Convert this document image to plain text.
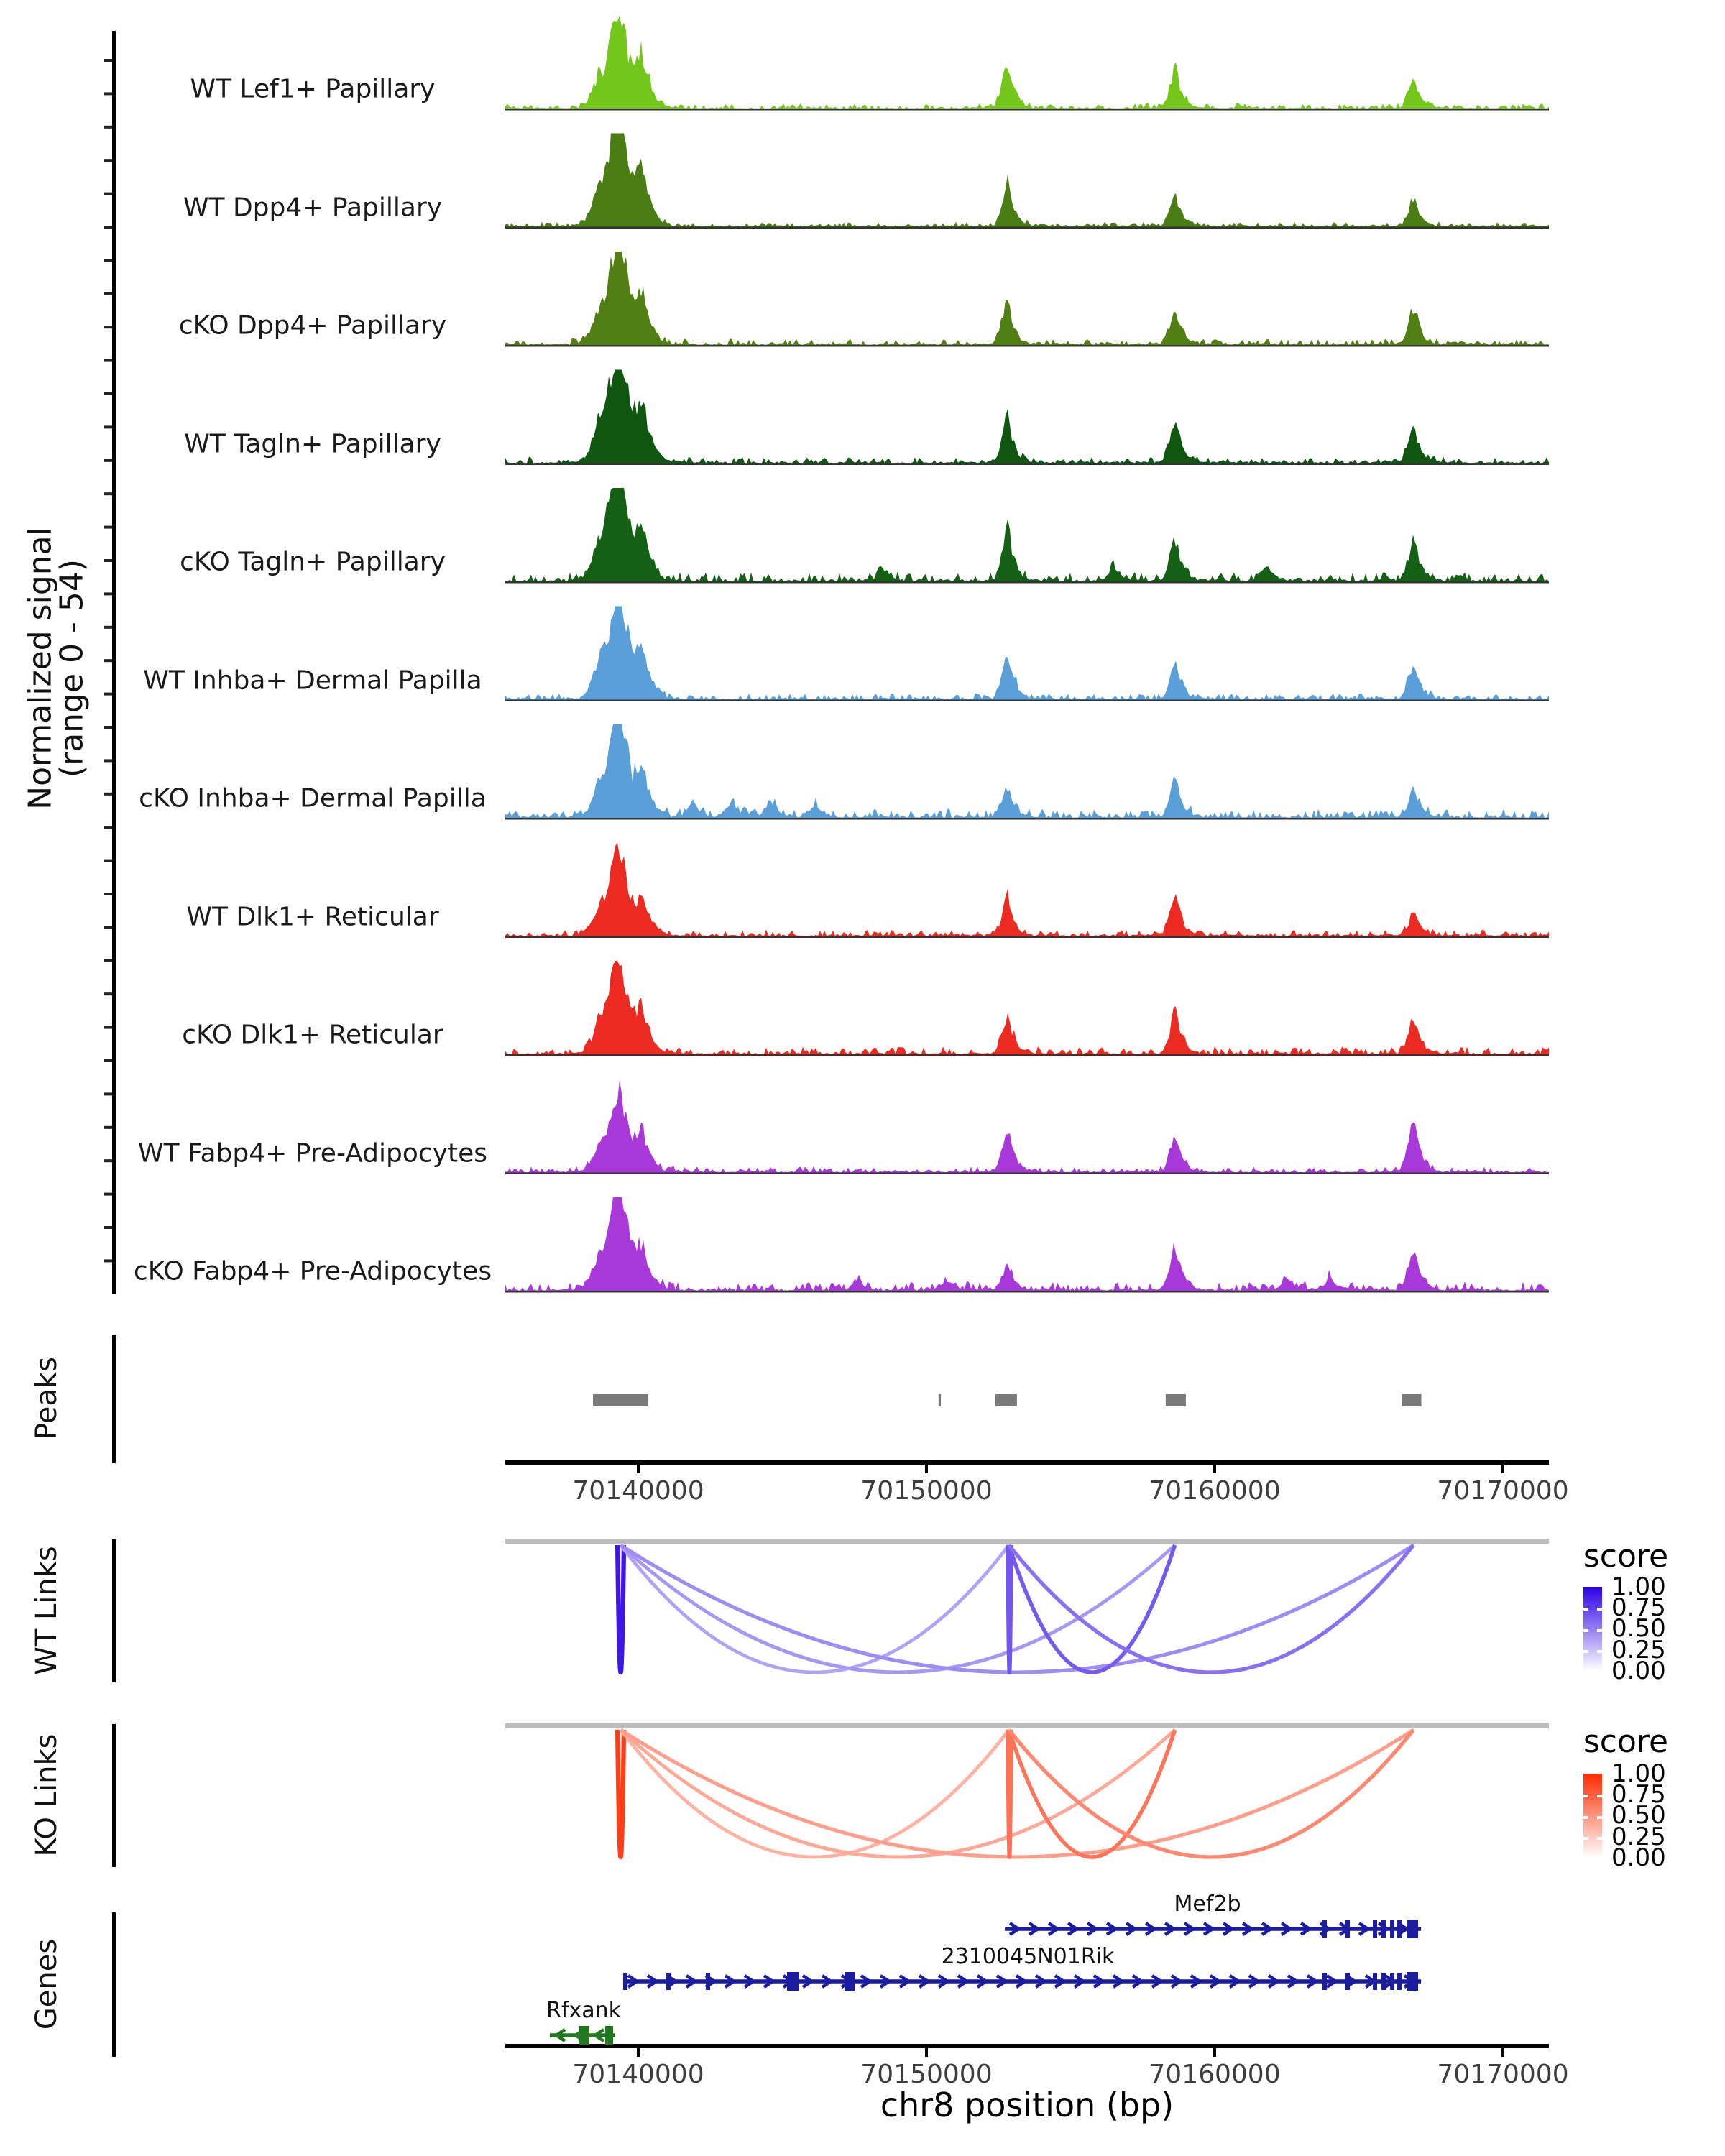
Normalized signal
(range 0 - 54)
Peaks
WT Links
KO Links
Genes
WT Lef1+ Papillary
WT Dpp4+ Papillary
cKO Dpp4+ Papillary
WT Tagln+ Papillary
cKO Tagln+ Papillary
WT Inhba+ Dermal Papilla
cKO Inhba+ Dermal Papilla
WT Dlk1+ Reticular
cKO Dlk1+ Reticular
WT Fabp4+ Pre-Adipocytes
cKO Fabp4+ Pre-Adipocytes
70140000	70150000	70160000	70170000
70140000	70150000	70160000	70170000
Mef2b
2310045N01Rik
Rfxank
score
1.00
0.75
0.50
0.25
0.00
score
1.00
0.75
0.50
0.25
0.00
chr8 position (bp)
